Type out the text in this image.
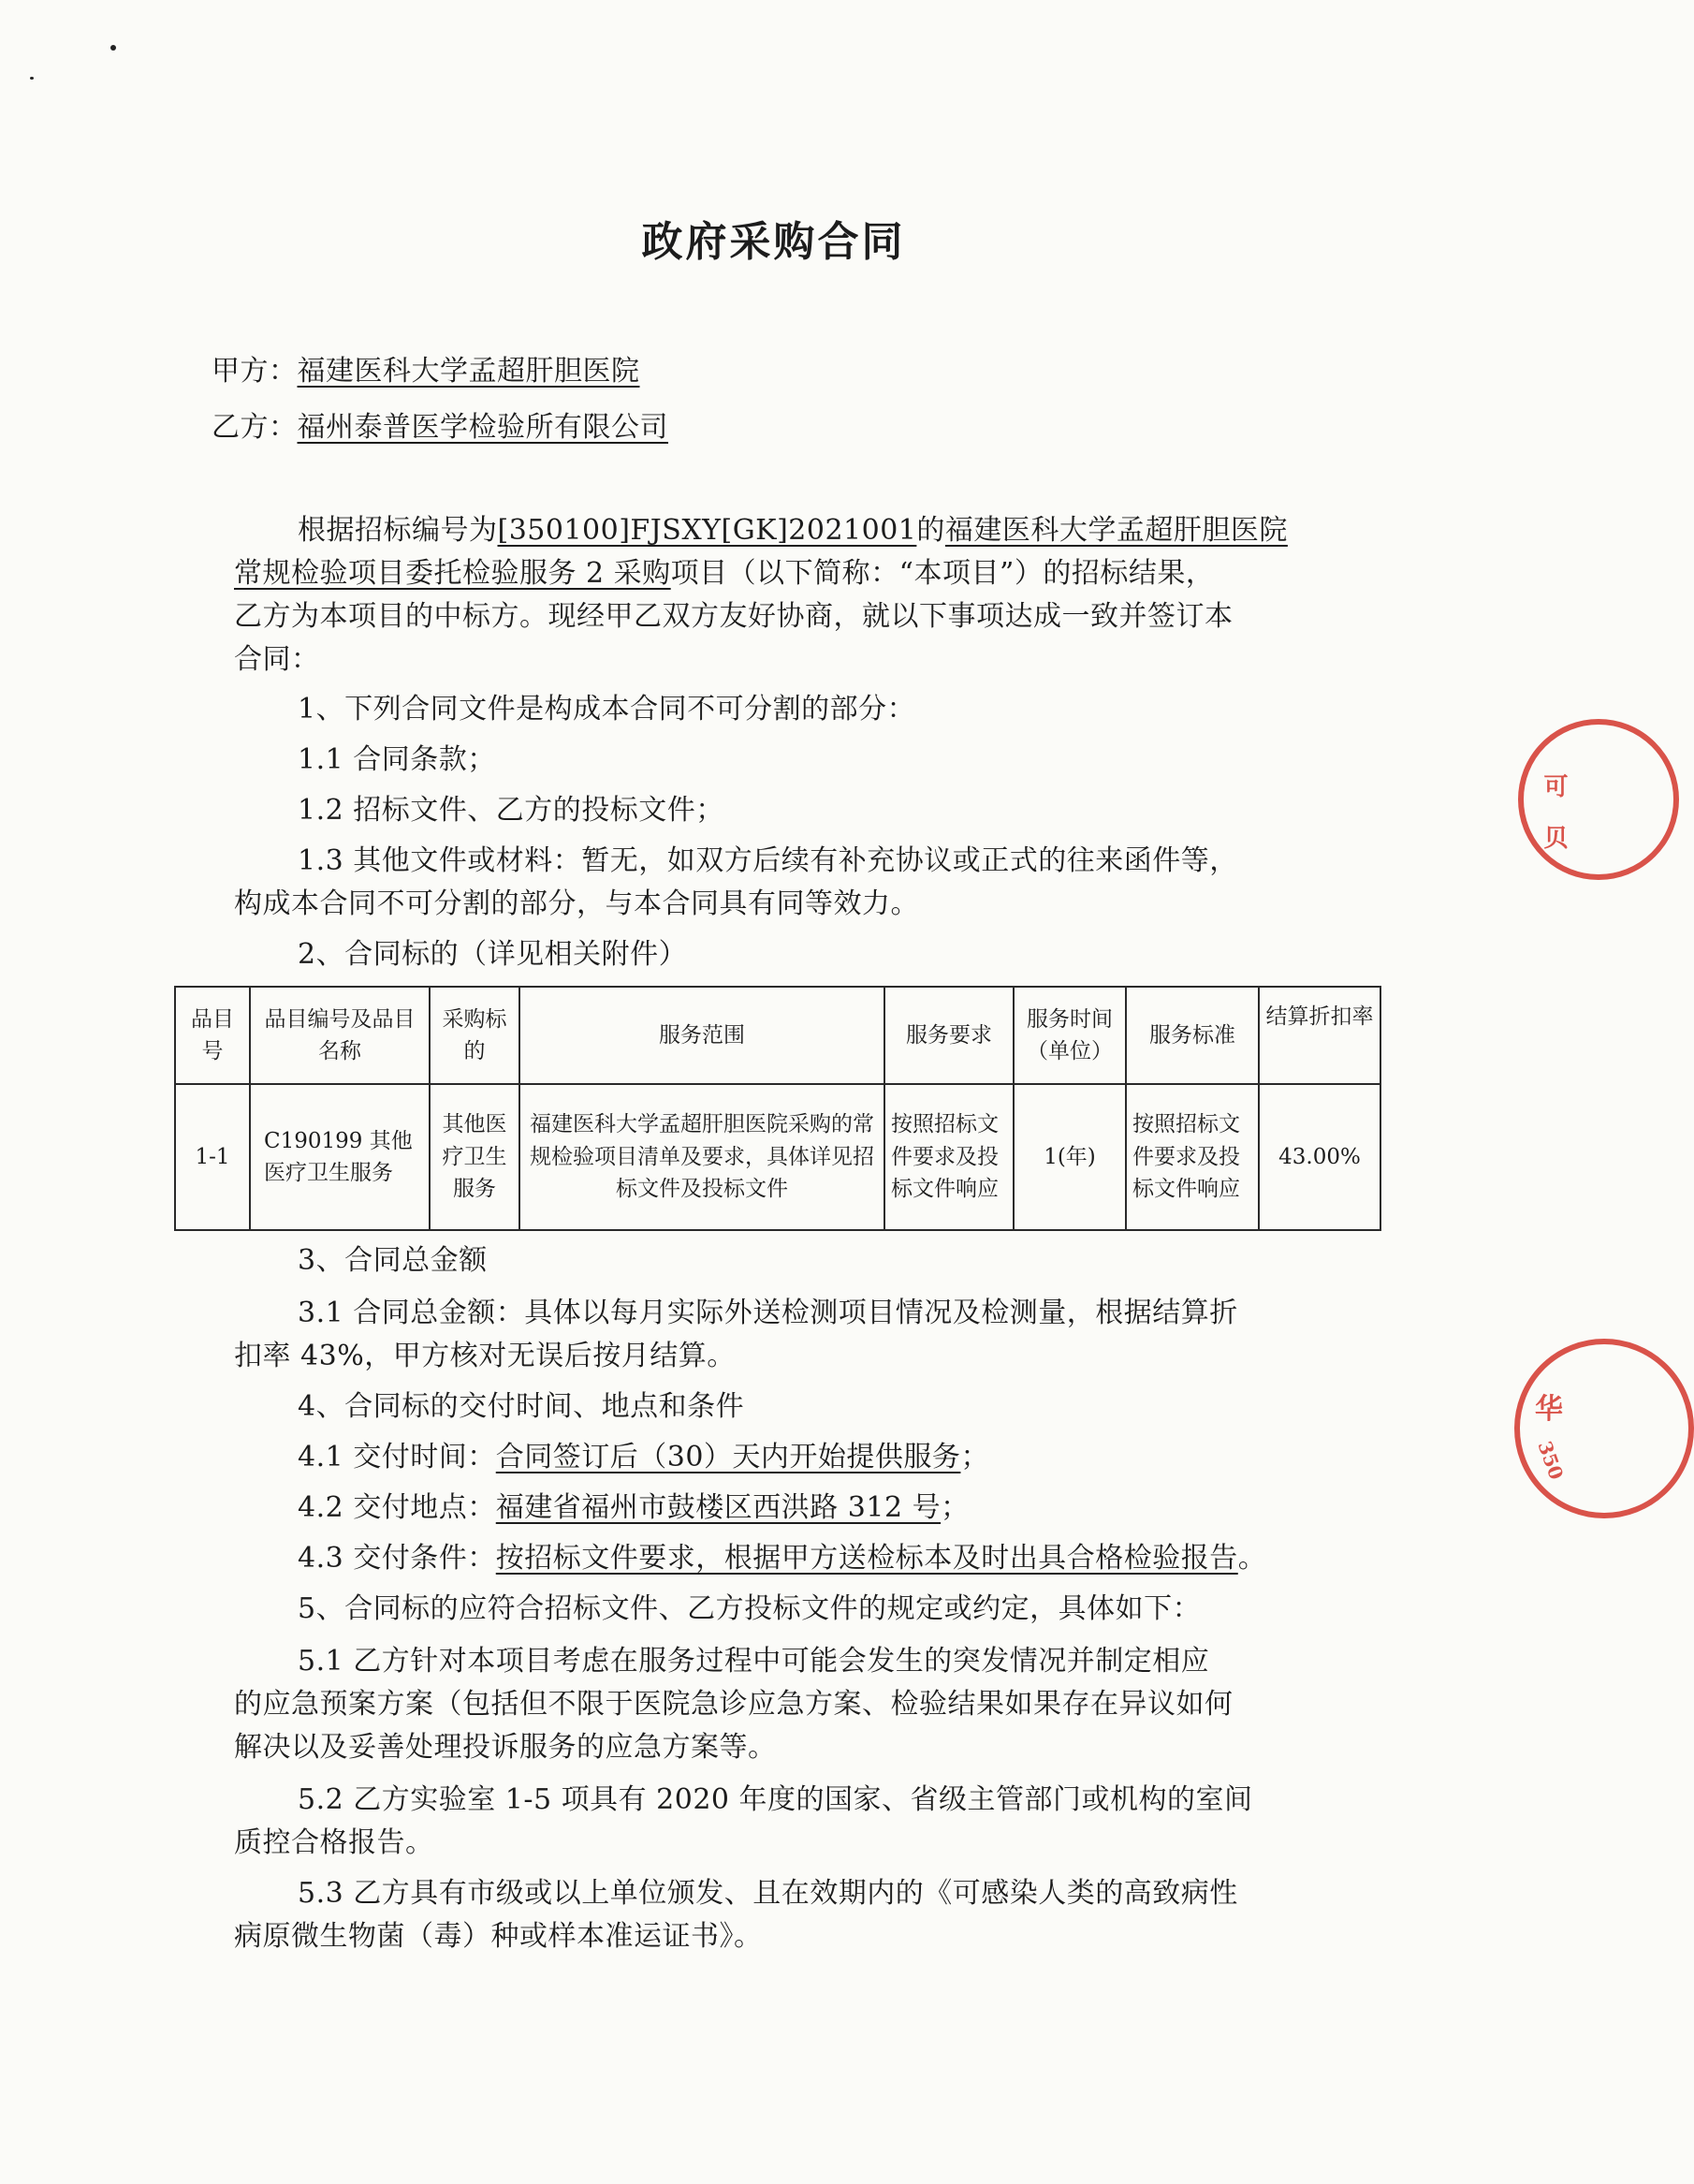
可 贝
华
350
政府采购合同
甲方：福建医科大学孟超肝胆医院
乙方：福州泰普医学检验所有限公司
根据招标编号为[350100]FJSXY[GK]2021001的福建医科大学孟超肝胆医院
常规检验项目委托检验服务 2 采购项目（以下简称：“本项目”）的招标结果，
乙方为本项目的中标方。现经甲乙双方友好协商，就以下事项达成一致并签订本
合同：
1、下列合同文件是构成本合同不可分割的部分：
1.1 合同条款；
1.2 招标文件、乙方的投标文件；
1.3 其他文件或材料：暂无，如双方后续有补充协议或正式的往来函件等，
构成本合同不可分割的部分，与本合同具有同等效力。
2、合同标的（详见相关附件）
品目号	品目编号及品目名称	采购标的	服务范围	服务要求	服务时间（单位）	服务标准	结算折扣率
1-1	C190199 其他医疗卫生服务	其他医疗卫生服务	福建医科大学孟超肝胆医院采购的常规检验项目清单及要求，具体详见招标文件及投标文件	按照招标文件要求及投标文件响应	1(年)	按照招标文件要求及投标文件响应	43.00%
3、合同总金额
3.1 合同总金额：具体以每月实际外送检测项目情况及检测量，根据结算折
扣率 43%，甲方核对无误后按月结算。
4、合同标的交付时间、地点和条件
4.1 交付时间：合同签订后（30）天内开始提供服务；
4.2 交付地点：福建省福州市鼓楼区西洪路 312 号；
4.3 交付条件：按招标文件要求，根据甲方送检标本及时出具合格检验报告。
5、合同标的应符合招标文件、乙方投标文件的规定或约定，具体如下：
5.1 乙方针对本项目考虑在服务过程中可能会发生的突发情况并制定相应
的应急预案方案（包括但不限于医院急诊应急方案、检验结果如果存在异议如何
解决以及妥善处理投诉服务的应急方案等。
5.2 乙方实验室 1-5 项具有 2020 年度的国家、省级主管部门或机构的室间
质控合格报告。
5.3 乙方具有市级或以上单位颁发、且在效期内的《可感染人类的高致病性
病原微生物菌（毒）种或样本准运证书》。
